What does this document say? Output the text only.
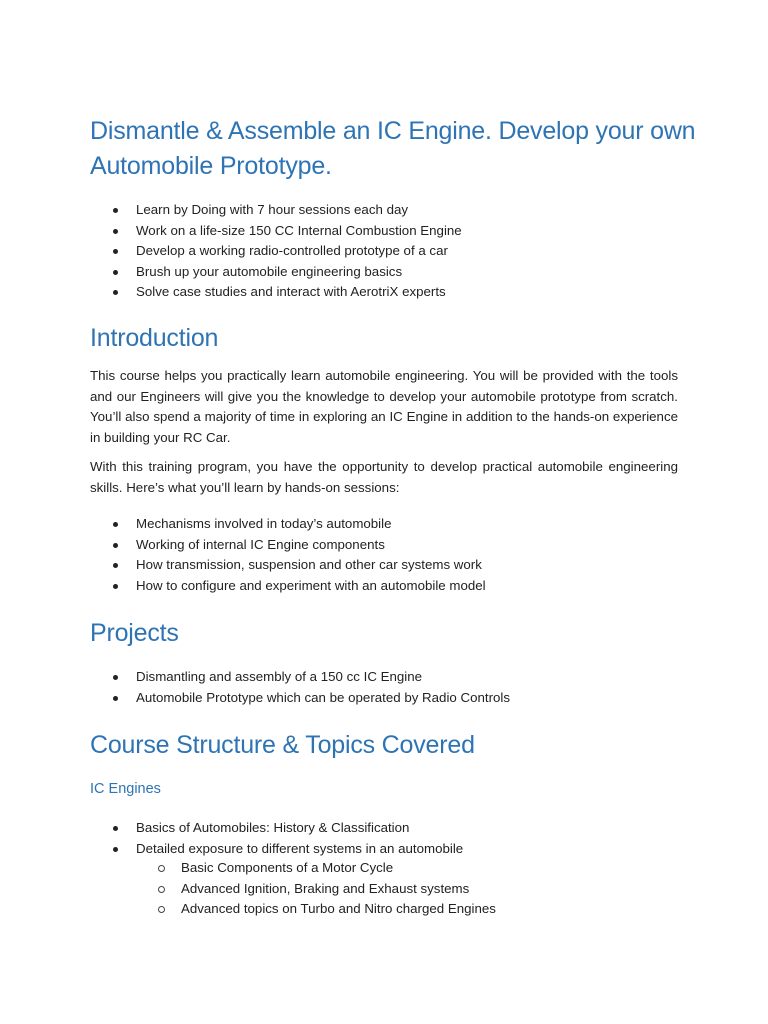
Dismantle & Assemble an IC Engine. Develop your own Automobile Prototype.
Learn by Doing with 7 hour sessions each day
Work on a life-size 150 CC Internal Combustion Engine
Develop a working radio-controlled prototype of a car
Brush up your automobile engineering basics
Solve case studies and interact with AerotriX experts
Introduction

This course helps you practically learn automobile engineering. You will be provided with the tools and our Engineers will give you the knowledge to develop your automobile prototype from scratch. You’ll also spend a majority of time in exploring an IC Engine in addition to the hands-on experience in building your RC Car.

With this training program, you have the opportunity to develop practical automobile engineering skills. Here’s what you’ll learn by hands-on sessions:

Mechanisms involved in today’s automobile
Working of internal IC Engine components
How transmission, suspension and other car systems work
How to configure and experiment with an automobile model
Projects
Dismantling and assembly of a 150 cc IC Engine
Automobile Prototype which can be operated by Radio Controls
Course Structure & Topics Covered
IC Engines
Basics of Automobiles: History & Classification
Detailed exposure to different systems in an automobile
Basic Components of a Motor Cycle
Advanced Ignition, Braking and Exhaust systems
Advanced topics on Turbo and Nitro charged Engines
